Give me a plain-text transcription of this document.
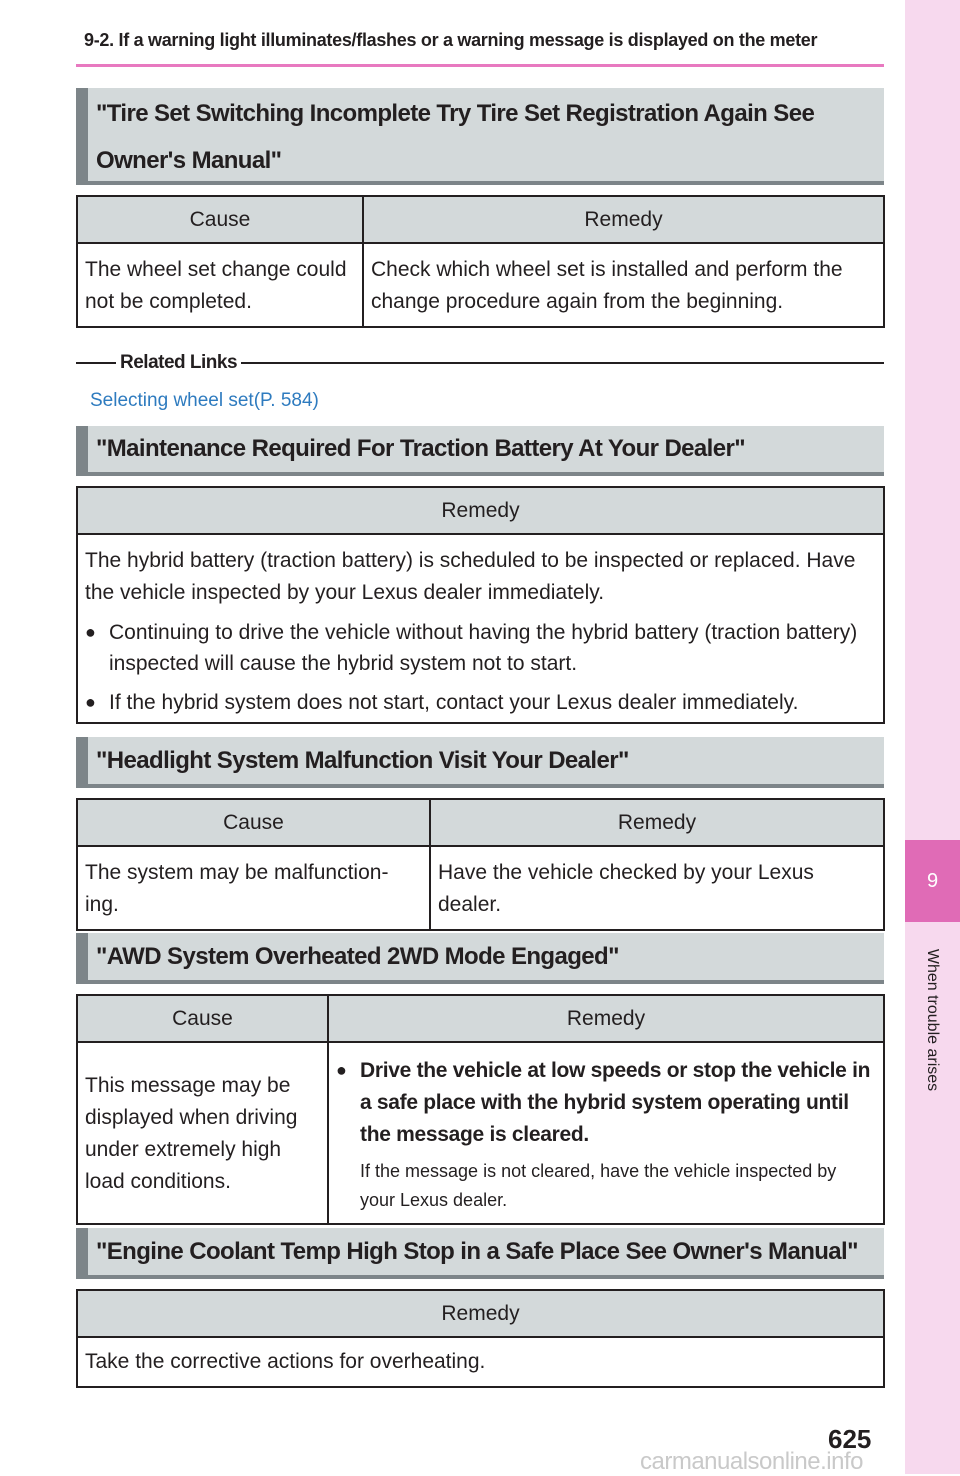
9-2. If a warning light illuminates/flashes or a warning message is displayed on the meter
9
When trouble arises
"Tire Set Switching Incomplete Try Tire Set Registration Again See Owner's Manual"
Cause	Remedy
The wheel set change could not be completed.	Check which wheel set is installed and perform the change procedure again from the beginning.
Related Links
Selecting wheel set(P. 584)
"Maintenance Required For Traction Battery At Your Dealer"
Remedy

The hybrid battery (traction battery) is scheduled to be inspected or replaced. Have the vehicle inspected by your Lexus dealer immediately.
● Continuing to drive the vehicle without having the hybrid battery (traction battery) inspected will cause the hybrid system not to start.
● If the hybrid system does not start, contact your Lexus dealer immediately.
"Headlight System Malfunction Visit Your Dealer"
Cause	Remedy
The system may be malfunction-ing.	Have the vehicle checked by your Lexus dealer.
"AWD System Overheated 2WD Mode Engaged"
Cause	Remedy
This message may be displayed when driving under extremely high load conditions.	● Drive the vehicle at low speeds or stop the vehicle in a safe place with the hybrid system operating until the message is cleared.
If the message is not cleared, have the vehicle inspected by your Lexus dealer.
"Engine Coolant Temp High Stop in a Safe Place See Owner's Manual"
Remedy
Take the corrective actions for overheating.
625
carmanualsonline.info
